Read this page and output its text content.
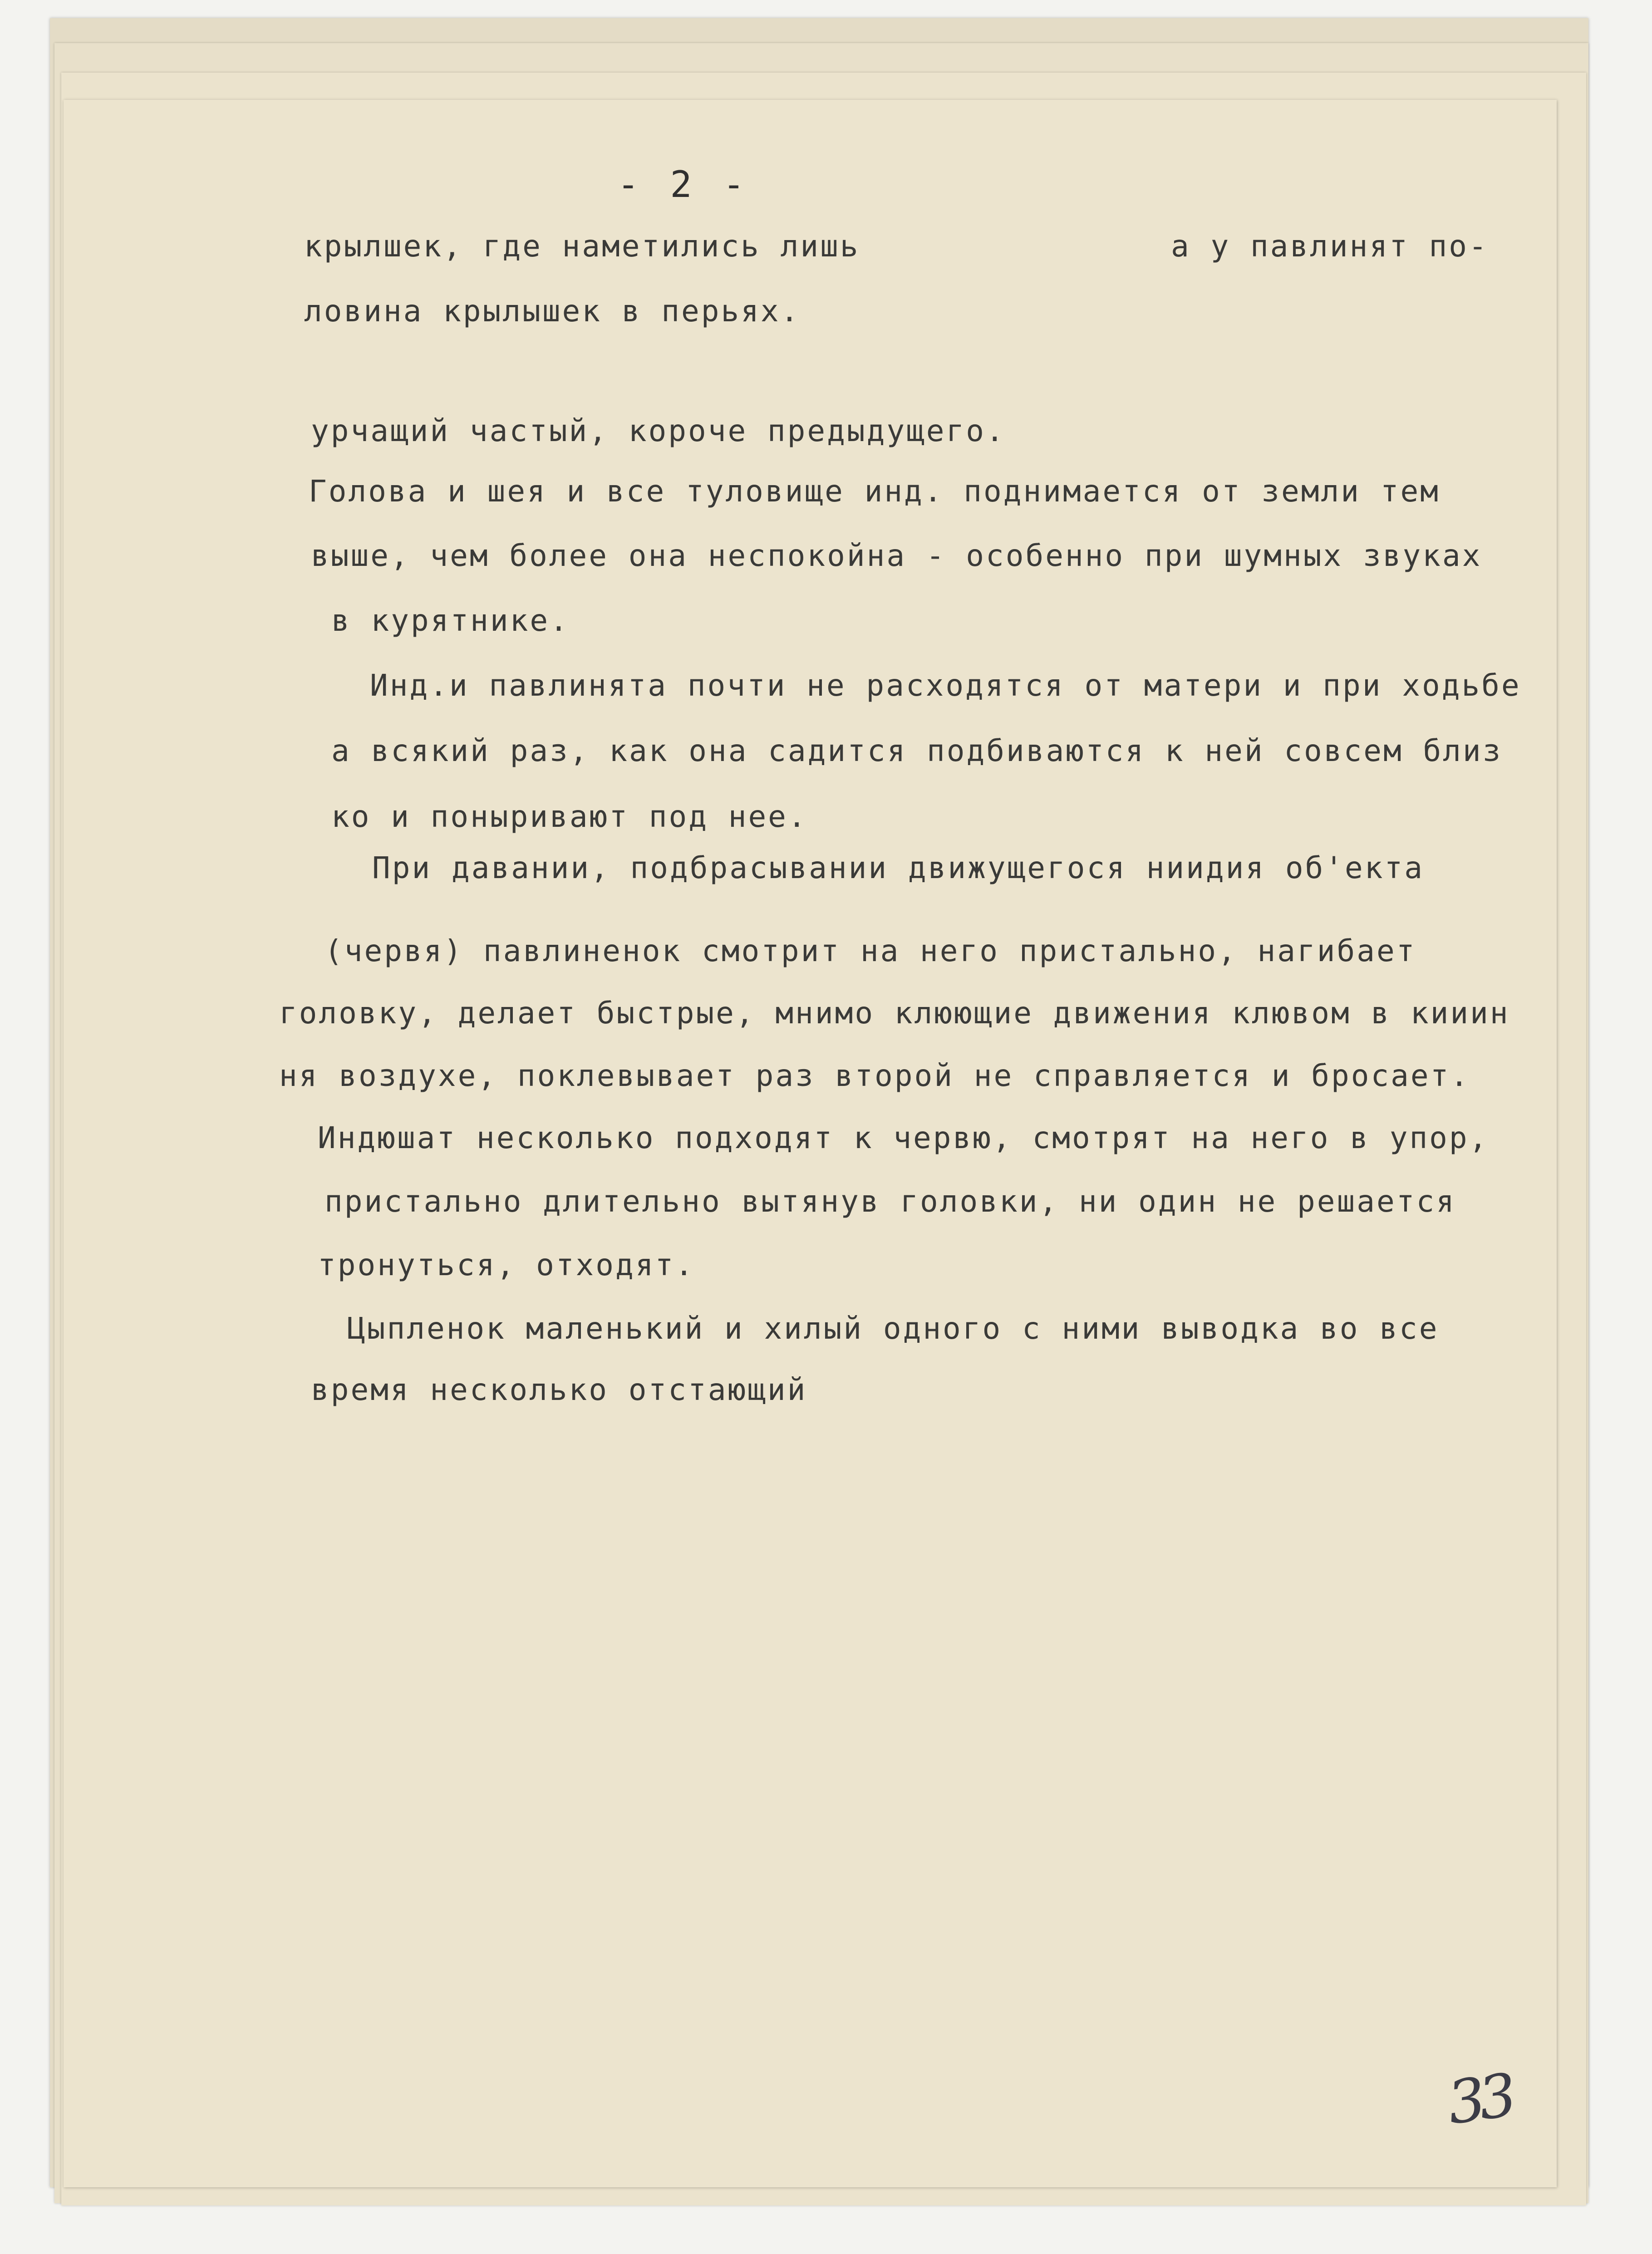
- 2 -

крылшек, где наметились лишь	а у павлинят по-

ловина крылышек в перьях.

урчащий частый, короче предыдущего.

Голова и шея и все туловище инд. поднимается от земли тем

выше, чем более она неспокойна - особенно при шумных звуках

в курятнике.

Инд.и павлинята почти не расходятся от матери и при ходьбе

а всякий раз, как она садится подбиваются к ней совсем близ

ко и поныривают под нее.

При давании, подбрасывании движущегося ниидия об'екта

(червя) павлиненок смотрит на него пристально, нагибает

головку, делает быстрые, мнимо клюющие движения клювом в кииин

ня воздухе, поклевывает раз второй не справляется и бросает.

Индюшат несколько подходят к червю, смотрят на него в упор,

пристально длительно вытянув головки, ни один не решается

тронуться, отходят.

Цыпленок маленький и хилый одного с ними выводка во все

время несколько отстающий

33
